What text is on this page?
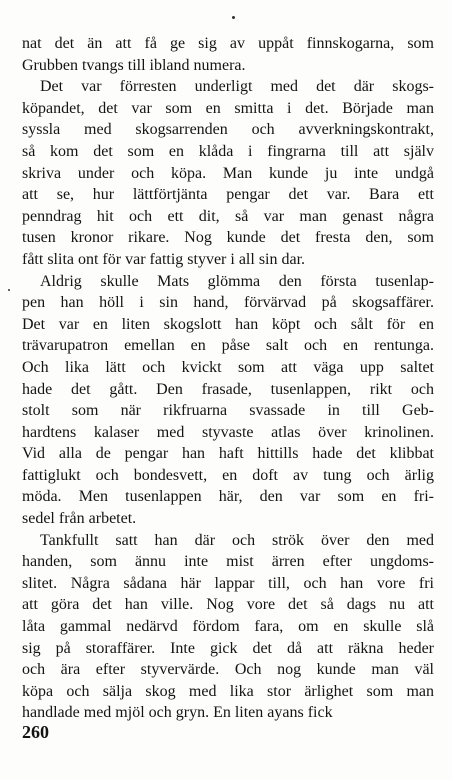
nat det än att få ge sig av uppåt finnskogarna, som
Grubben tvangs till ibland numera.
Det var förresten underligt med det där skogs-
köpandet, det var som en smitta i det. Började man
syssla med skogsarrenden och avverkningskontrakt,
så kom det som en klåda i fingrarna till att själv
skriva under och köpa. Man kunde ju inte undgå
att se, hur lättförtjänta pengar det var. Bara ett
penndrag hit och ett dit, så var man genast några
tusen kronor rikare. Nog kunde det fresta den, som
fått slita ont för var fattig styver i all sin dar.
Aldrig skulle Mats glömma den första tusenlap-
pen han höll i sin hand, förvärvad på skogsaffärer.
Det var en liten skogslott han köpt och sålt för en
trävarupatron emellan en påse salt och en rentunga.
Och lika lätt och kvickt som att väga upp saltet
hade det gått. Den frasade, tusenlappen, rikt och
stolt som när rikfruarna svassade in till Geb-
hardtens kalaser med styvaste atlas över krinolinen.
Vid alla de pengar han haft hittills hade det klibbat
fattiglukt och bondesvett, en doft av tung och ärlig
möda. Men tusenlappen här, den var som en fri-
sedel från arbetet.
Tankfullt satt han där och strök över den med
handen, som ännu inte mist ärren efter ungdoms-
slitet. Några sådana här lappar till, och han vore fri
att göra det han ville. Nog vore det så dags nu att
låta gammal nedärvd fördom fara, om en skulle slå
sig på storaffärer. Inte gick det då att räkna heder
och ära efter styvervärde. Och nog kunde man väl
köpa och sälja skog med lika stor ärlighet som man
handlade med mjöl och gryn. En liten ayans fick
260
